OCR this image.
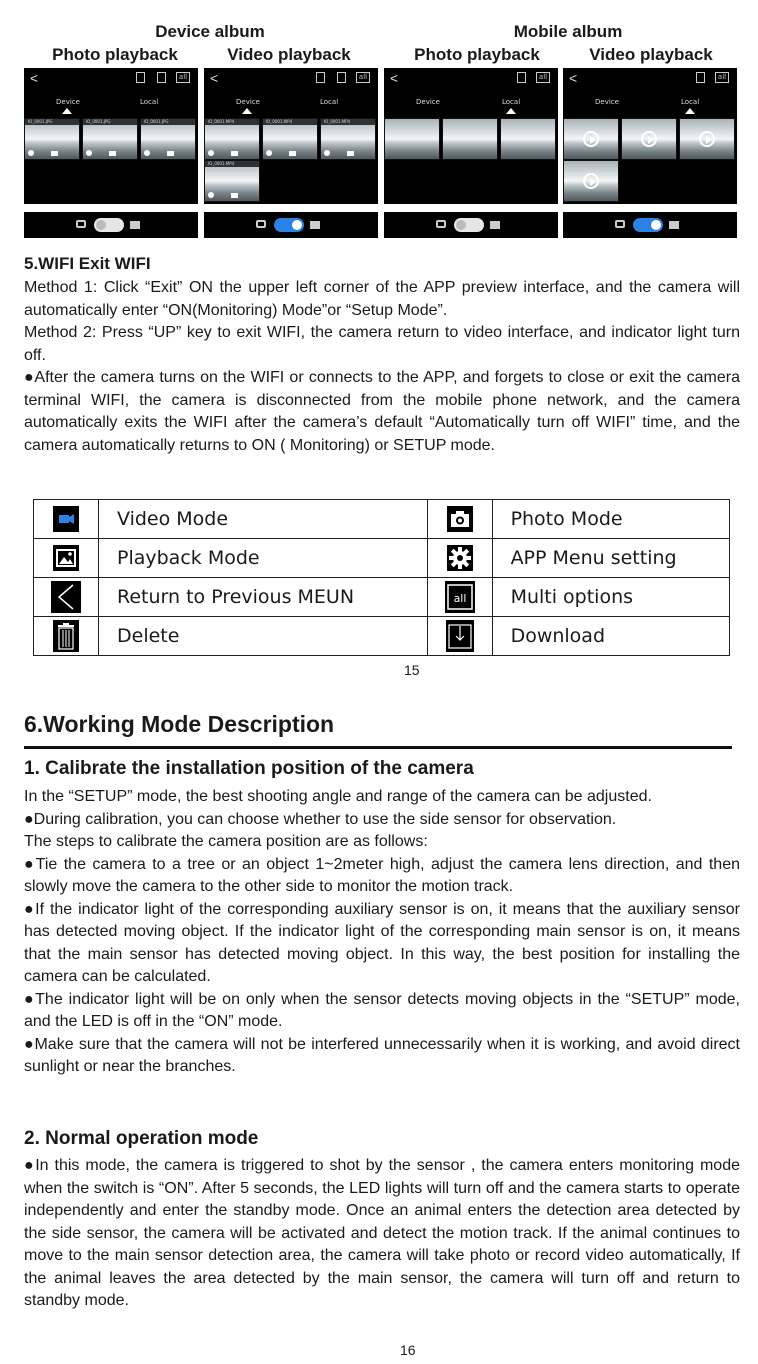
Device album	Mobile album
Photo playback	Video playback	Photo playback	Video playback
<	all
Device	Local
IO_0001.JPG	IO_0001.JPG	IO_0001.JPG
<	all
Device	Local
IO_0001.MP4	IO_0001.MP4	IO_0001.MP4
IO_0001.MP4
<	all
Device	Local
<	all
Device	Local
5.WIFI Exit WIFI

Method 1: Click “Exit” ON the upper left corner of the APP preview interface, and the camera will automatically enter “ON(Monitoring) Mode”or “Setup Mode”.

Method 2: Press “UP” key to exit WIFI, the camera return to video interface, and indicator light turn off.

●After the camera turns on the WIFI or connects to the APP, and forgets to close or exit the camera terminal WIFI, the camera is disconnected from the mobile phone network, and the camera automatically exits the WIFI after the camera’s default “Automatically turn off WIFI” time, and the camera automatically returns to ON ( Monitoring) or SETUP mode.

	Video Mode		Photo Mode
	Playback Mode		APP Menu setting
	Return to Previous MEUN	all	Multi options
	Delete		Download
15
6.Working Mode Description
1. Calibrate the installation position of the camera

In the “SETUP” mode, the best shooting angle and range of the camera can be adjusted.

●During calibration, you can choose whether to use the side sensor for observation.

The steps to calibrate the camera position are as follows:

●Tie the camera to a tree or an object 1~2meter high, adjust the camera lens direction, and then slowly move the camera to the other side to monitor the motion track.

●If the indicator light of the corresponding auxiliary sensor is on, it means that the auxiliary sensor has detected moving object. If the indicator light of the corresponding main sensor is on, it means that the main sensor has detected moving object. In this way, the best position for installing the camera can be calculated.

●The indicator light will be on only when the sensor detects moving objects in the “SETUP” mode, and the LED is off in the “ON” mode.

●Make sure that the camera will not be interfered unnecessarily when it is working, and avoid direct sunlight or near the branches.

2. Normal operation mode

●In this mode, the camera is triggered to shot by the sensor , the camera enters monitoring mode when the switch is “ON”. After 5 seconds, the LED lights will turn off and the camera starts to operate independently and enter the standby mode. Once an animal enters the detection area detected by the side sensor, the camera will be activated and detect the motion track. If the animal continues to move to the main sensor detection area, the camera will take photo or record video automatically, If the animal leaves the area detected by the main sensor, the camera will turn off and return to standby mode.

16
